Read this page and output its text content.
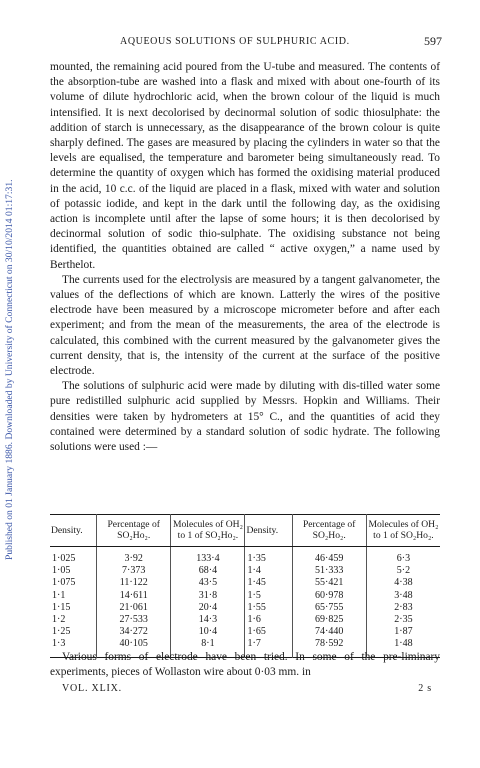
Published on 01 January 1886. Downloaded by University of Connecticut on 30/10/2014 01:17:31.
AQUEOUS SOLUTIONS OF SULPHURIC ACID.	597

mounted, the remaining acid poured from the U-tube and measured. The contents of the absorption-tube are washed into a flask and mixed with about one-fourth of its volume of dilute hydrochloric acid, when the brown colour of the liquid is much intensified. It is next decolorised by decinormal solution of sodic thiosulphate: the addition of starch is unnecessary, as the disappearance of the brown colour is quite sharply defined. The gases are measured by placing the cylinders in water so that the levels are equalised, the temperature and barometer being simultaneously read. To determine the quantity of oxygen which has formed the oxidising material produced in the acid, 10 c.c. of the liquid are placed in a flask, mixed with water and solution of potassic iodide, and kept in the dark until the following day, as the oxidising action is incomplete until after the lapse of some hours; it is then decolorised by decinormal solution of sodic thio-sulphate. The oxidising substance not being identified, the quantities obtained are called “ active oxygen,” a name used by Berthelot.

The currents used for the electrolysis are measured by a tangent galvanometer, the values of the deflections of which are known. Latterly the wires of the positive electrode have been measured by a microscope micrometer before and after each experiment; and from the mean of the measurements, the area of the electrode is calculated, this combined with the current measured by the galvanometer gives the current density, that is, the intensity of the current at the surface of the positive electrode.

The solutions of sulphuric acid were made by diluting with dis-tilled water some pure redistilled sulphuric acid supplied by Messrs. Hopkin and Williams. Their densities were taken by hydrometers at 15° C., and the quantities of acid they contained were determined by a standard solution of sodic hydrate. The following solutions were used :—

Density.	Percentage of SO₂Ho₂.	Molecules of OH₂ to 1 of SO₂Ho₂.	Density.	Percentage of SO₂Ho₂.	Molecules of OH₂ to 1 of SO₂Ho₂.
1·025	3·92	133·4	1·35	46·459	6·3
1·05	7·373	68·4	1·4	51·333	5·2
1·075	11·122	43·5	1·45	55·421	4·38
1·1	14·611	31·8	1·5	60·978	3·48
1·15	21·061	20·4	1·55	65·755	2·83
1·2	27·533	14·3	1·6	69·825	2·35
1·25	34·272	10·4	1·65	74·440	1·87
1·3	40·105	8·1	1·7	78·592	1·48

Various forms of electrode have been tried. In some of the pre-liminary experiments, pieces of Wollaston wire about 0·03 mm. in

VOL. XLIX.	2 s
